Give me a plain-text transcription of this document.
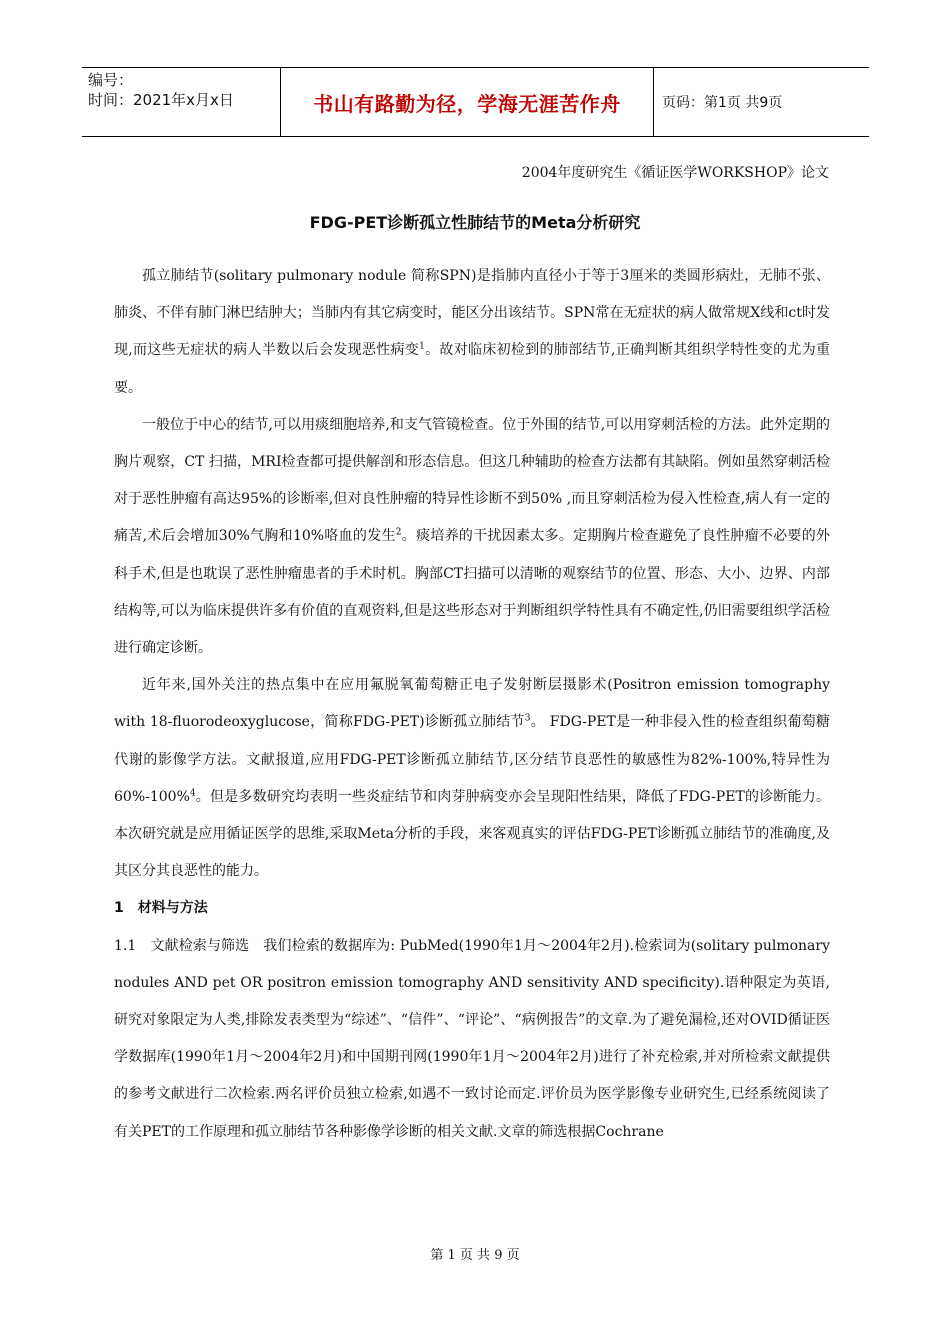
编号：
时间：2021年x月x日	书山有路勤为径，学海无涯苦作舟	页码：第1页 共9页
2004年度研究生《循证医学WORKSHOP》论文
FDG-PET诊断孤立性肺结节的Meta分析研究

孤立肺结节(solitary pulmonary nodule 简称SPN)是指肺内直径小于等于3厘米的类圆形病灶，无肺不张、肺炎、不伴有肺门淋巴结肿大；当肺内有其它病变时，能区分出该结节。SPN常在无症状的病人做常规X线和ct时发现,而这些无症状的病人半数以后会发现恶性病变$^1$。故对临床初检到的肺部结节,正确判断其组织学特性变的尤为重要。

一般位于中心的结节,可以用痰细胞培养,和支气管镜检查。位于外围的结节,可以用穿刺活检的方法。此外定期的胸片观察，CT 扫描，MRI检查都可提供解剖和形态信息。但这几种辅助的检查方法都有其缺陷。例如虽然穿刺活检对于恶性肿瘤有高达95%的诊断率,但对良性肿瘤的特异性诊断不到50% ,而且穿刺活检为侵入性检查,病人有一定的痛苦,术后会增加30%气胸和10%咯血的发生$^2$。痰培养的干扰因素太多。定期胸片检查避免了良性肿瘤不必要的外科手术,但是也耽误了恶性肿瘤患者的手术时机。胸部CT扫描可以清晰的观察结节的位置、形态、大小、边界、内部结构等,可以为临床提供许多有价值的直观资料,但是这些形态对于判断组织学特性具有不确定性,仍旧需要组织学活检进行确定诊断。

近年来,国外关注的热点集中在应用氟脱氧葡萄糖正电子发射断层摄影术(Positron emission tomography with 18-fluorodeoxyglucose，简称FDG-PET)诊断孤立肺结节$^3$。 FDG-PET是一种非侵入性的检查组织葡萄糖代谢的影像学方法。文献报道,应用FDG-PET诊断孤立肺结节,区分结节良恶性的敏感性为82%-100%,特异性为60%-100%$^4$。但是多数研究均表明一些炎症结节和肉芽肿病变亦会呈现阳性结果，降低了FDG-PET的诊断能力。本次研究就是应用循证医学的思维,采取Meta分析的手段，来客观真实的评估FDG-PET诊断孤立肺结节的准确度,及其区分其良恶性的能力。

1　材料与方法

1.1　文献检索与筛选　我们检索的数据库为: PubMed(1990年1月～2004年2月).检索词为(solitary pulmonary nodules AND pet OR positron emission tomography AND sensitivity AND specificity).语种限定为英语,研究对象限定为人类,排除发表类型为“综述”、“信件”、“评论”、“病例报告”的文章.为了避免漏检,还对OVID循证医学数据库(1990年1月～2004年2月)和中国期刊网(1990年1月～2004年2月)进行了补充检索,并对所检索文献提供的参考文献进行二次检索.两名评价员独立检索,如遇不一致讨论而定.评价员为医学影像专业研究生,已经系统阅读了有关PET的工作原理和孤立肺结节各种影像学诊断的相关文献.文章的筛选根据Cochrane

第 1 页 共 9 页
